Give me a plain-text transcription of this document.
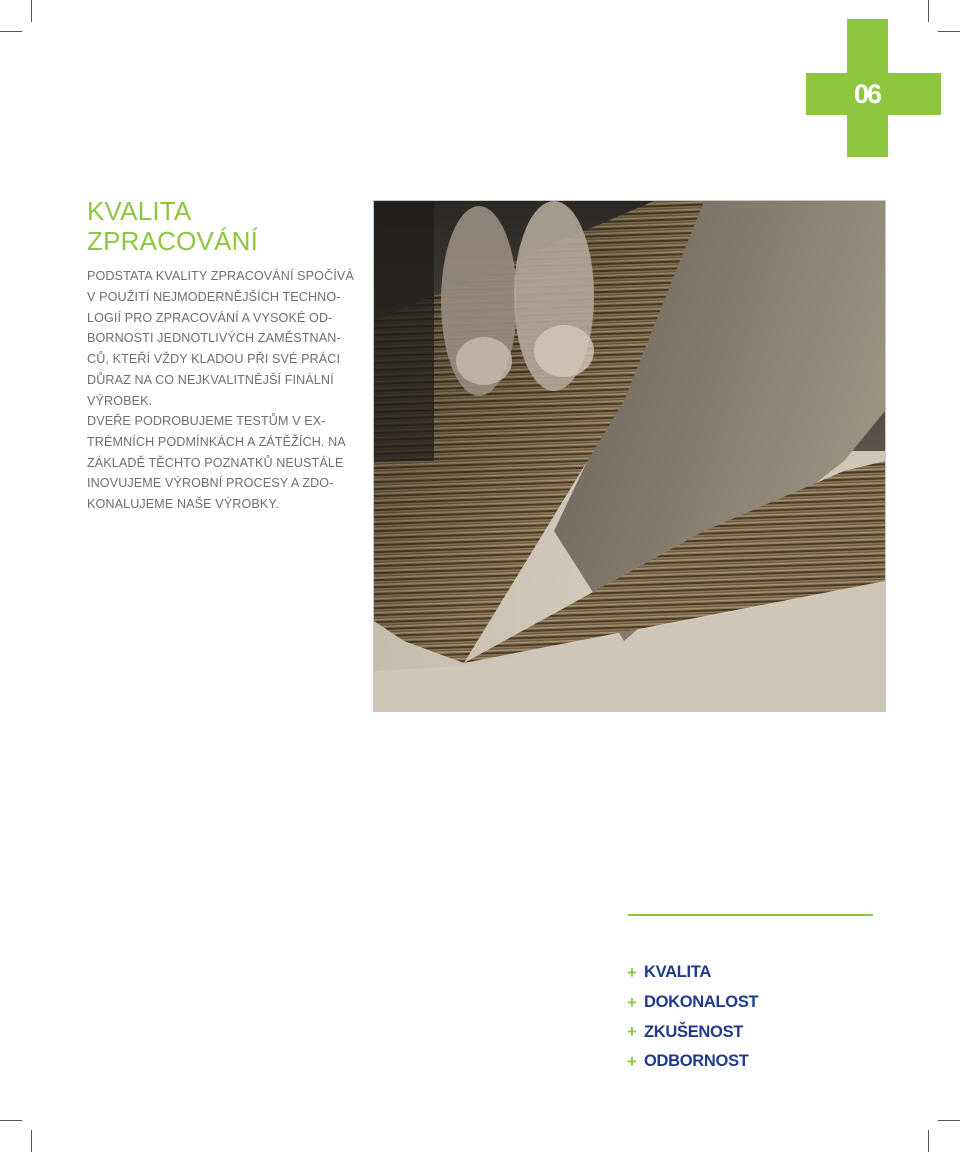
06
KVALITA
ZPRACOVÁNÍ

PODSTATA KVALITY ZPRACOVÁNÍ SPOČÍVÁ
V POUŽITÍ NEJMODERNĚJŠÍCH TECHNO-
LOGIÍ PRO ZPRACOVÁNÍ A VYSOKÉ OD-
BORNOSTI JEDNOTLIVÝCH ZAMĚSTNAN-
CŮ, KTEŘÍ VŽDY KLADOU PŘI SVÉ PRÁCI
DŮRAZ NA CO NEJKVALITNĚJŠÍ FINÁLNÍ
VÝROBEK.

DVEŘE PODROBUJEME TESTŮM V EX-
TRÉMNÍCH PODMÍNKÁCH A ZÁTĚŽÍCH. NA
ZÁKLADĚ TĚCHTO POZNATKŮ NEUSTÁLE
INOVUJEME VÝROBNÍ PROCESY A ZDO-
KONALUJEME NAŠE VÝROBKY.

+ KVALITA
+ DOKONALOST
+ ZKUŠENOST
+ ODBORNOST
